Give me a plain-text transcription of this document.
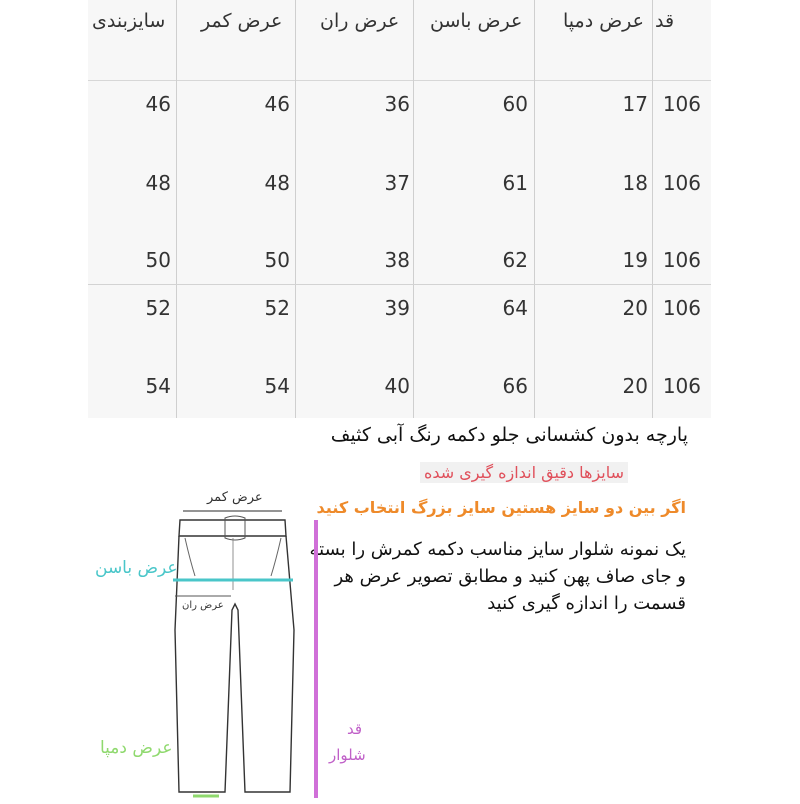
قد
عرض دمپا
عرض باسن
عرض ران
عرض کمر
سایزبندی
106
17
60
36
46
46
106
18
61
37
48
48
106
19
62
38
50
50
106
20
64
39
52
52
106
20
66
40
54
54
پارچه بدون کشسانی جلو دکمه رنگ آبی کثیف
سایزها دقیق اندازه گیری شده
اگر بین دو سایز هستین سایز بزرگ انتخاب کنید
یک نمونه شلوار سایز مناسب دکمه کمرش را بسته و جای صاف پهن کنید و مطابق تصویر عرض هر قسمت را اندازه گیری کنید
عرض کمر
عرض باسن
عرض ران
عرض دمپا
قد
شلوار
